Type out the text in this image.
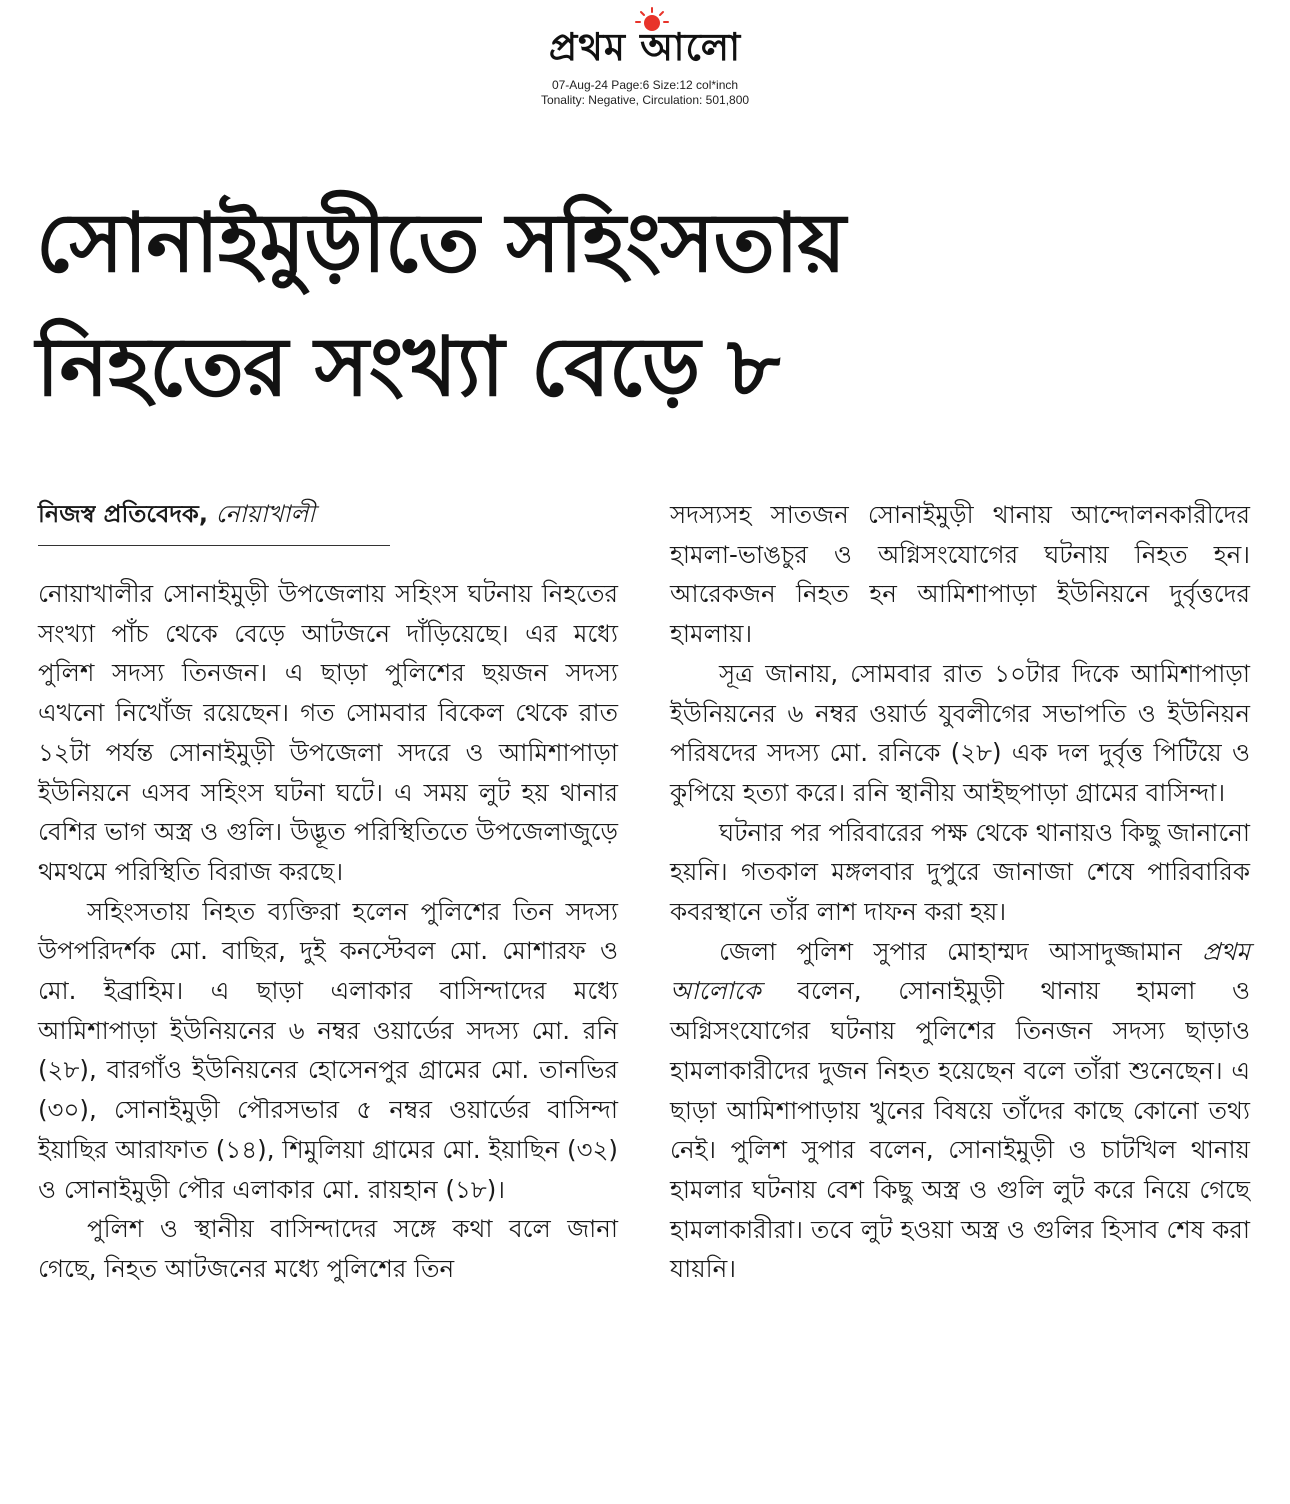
প্রথম আলো
07-Aug-24 Page:6 Size:12 col*inch
Tonality: Negative, Circulation: 501,800
সোনাইমুড়ীতে সহিংসতায়
নিহতের সংখ্যা বেড়ে ৮
নিজস্ব প্রতিবেদক, নোয়াখালী

নোয়াখালীর সোনাইমুড়ী উপজেলায় সহিংস ঘটনায় নিহতের সংখ্যা পাঁচ থেকে বেড়ে আটজনে দাঁড়িয়েছে। এর মধ্যে পুলিশ সদস্য তিনজন। এ ছাড়া পুলিশের ছয়জন সদস্য এখনো নিখোঁজ রয়েছেন। গত সোমবার বিকেল থেকে রাত ১২টা পর্যন্ত সোনাইমুড়ী উপজেলা সদরে ও আমিশাপাড়া ইউনিয়নে এসব সহিংস ঘটনা ঘটে। এ সময় লুট হয় থানার বেশির ভাগ অস্ত্র ও গুলি। উদ্ভূত পরিস্থিতিতে উপজেলাজুড়ে থমথমে পরিস্থিতি বিরাজ করছে।

সহিংসতায় নিহত ব্যক্তিরা হলেন পুলিশের তিন সদস্য উপপরিদর্শক মো. বাছির, দুই কনস্টেবল মো. মোশারফ ও মো. ইব্রাহিম। এ ছাড়া এলাকার বাসিন্দাদের মধ্যে আমিশাপাড়া ইউনিয়নের ৬ নম্বর ওয়ার্ডের সদস্য মো. রনি (২৮), বারগাঁও ইউনিয়নের হোসেনপুর গ্রামের মো. তানভির (৩০), সোনাইমুড়ী পৌরসভার ৫ নম্বর ওয়ার্ডের বাসিন্দা ইয়াছির আরাফাত (১৪), শিমুলিয়া গ্রামের মো. ইয়াছিন (৩২) ও সোনাইমুড়ী পৌর এলাকার মো. রায়হান (১৮)।

পুলিশ ও স্থানীয় বাসিন্দাদের সঙ্গে কথা বলে জানা গেছে, নিহত আটজনের মধ্যে পুলিশের তিন

সদস্যসহ সাতজন সোনাইমুড়ী থানায় আন্দোলনকারীদের হামলা-ভাঙচুর ও অগ্নিসংযোগের ঘটনায় নিহত হন। আরেকজন নিহত হন আমিশাপাড়া ইউনিয়নে দুর্বৃত্তদের হামলায়।

সূত্র জানায়, সোমবার রাত ১০টার দিকে আমিশাপাড়া ইউনিয়নের ৬ নম্বর ওয়ার্ড যুবলীগের সভাপতি ও ইউনিয়ন পরিষদের সদস্য মো. রনিকে (২৮) এক দল দুর্বৃত্ত পিটিয়ে ও কুপিয়ে হত্যা করে। রনি স্থানীয় আইছপাড়া গ্রামের বাসিন্দা।

ঘটনার পর পরিবারের পক্ষ থেকে থানায়ও কিছু জানানো হয়নি। গতকাল মঙ্গলবার দুপুরে জানাজা শেষে পারিবারিক কবরস্থানে তাঁর লাশ দাফন করা হয়।

জেলা পুলিশ সুপার মোহাম্মদ আসাদুজ্জামান প্রথম আলোকে বলেন, সোনাইমুড়ী থানায় হামলা ও অগ্নিসংযোগের ঘটনায় পুলিশের তিনজন সদস্য ছাড়াও হামলাকারীদের দুজন নিহত হয়েছেন বলে তাঁরা শুনেছেন। এ ছাড়া আমিশাপাড়ায় খুনের বিষয়ে তাঁদের কাছে কোনো তথ্য নেই। পুলিশ সুপার বলেন, সোনাইমুড়ী ও চাটখিল থানায় হামলার ঘটনায় বেশ কিছু অস্ত্র ও গুলি লুট করে নিয়ে গেছে হামলাকারীরা। তবে লুট হওয়া অস্ত্র ও গুলির হিসাব শেষ করা যায়নি।
